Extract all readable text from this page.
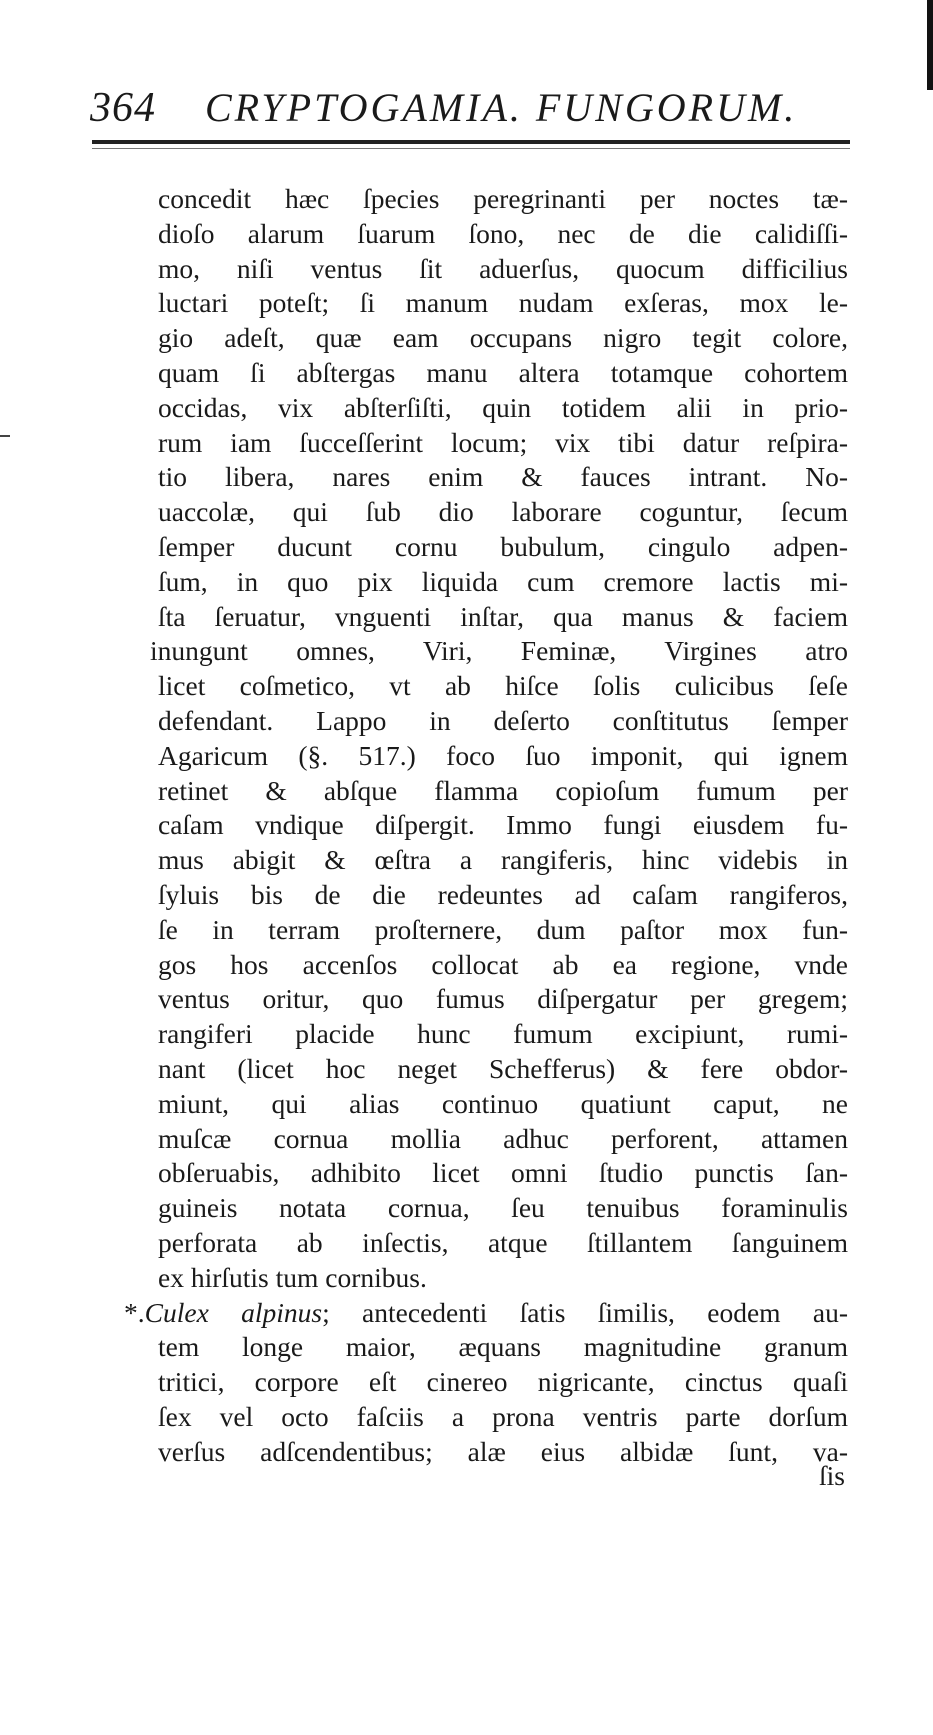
364 CRYPTOGAMIA. FUNGORUM.
concedit hæc ſpecies peregrinanti per noctes tæ-
dioſo alarum ſuarum ſono, nec de die calidiſſi-
mo, niſi ventus ſit aduerſus, quocum difficilius
luctari poteſt; ſi manum nudam exſeras, mox le-
gio adeſt, quæ eam occupans nigro tegit colore,
quam ſi abſtergas manu altera totamque cohortem
occidas, vix abſterſiſti, quin totidem alii in prio-
rum iam ſucceſſerint locum; vix tibi datur reſpira-
tio libera, nares enim & fauces intrant. No-
uaccolæ, qui ſub dio laborare coguntur, ſecum
ſemper ducunt cornu bubulum, cingulo adpen-
ſum, in quo pix liquida cum cremore lactis mi-
ſta ſeruatur, vnguenti inſtar, qua manus & faciem
inungunt omnes, Viri, Feminæ, Virgines atro
licet coſmetico, vt ab hiſce ſolis culicibus ſeſe
defendant. Lappo in deſerto conſtitutus ſemper
Agaricum (§. 517.) foco ſuo imponit, qui ignem
retinet & abſque flamma copioſum fumum per
caſam vndique diſpergit. Immo fungi eiusdem fu-
mus abigit & œſtra a rangiferis, hinc videbis in
ſyluis bis de die redeuntes ad caſam rangiferos,
ſe in terram proſternere, dum paſtor mox fun-
gos hos accenſos collocat ab ea regione, vnde
ventus oritur, quo fumus diſpergatur per gregem;
rangiferi placide hunc fumum excipiunt, rumi-
nant (licet hoc neget Schefferus) & fere obdor-
miunt, qui alias continuo quatiunt caput, ne
muſcæ cornua mollia adhuc perforent, attamen
obſeruabis, adhibito licet omni ſtudio punctis ſan-
guineis notata cornua, ſeu tenuibus foraminulis
perforata ab inſectis, atque ſtillantem ſanguinem
ex hirſutis tum cornibus.
*.Culex alpinus; antecedenti ſatis ſimilis, eodem au-
tem longe maior, æquans magnitudine granum
tritici, corpore eſt cinereo nigricante, cinctus quaſi
ſex vel octo faſciis a prona ventris parte dorſum
verſus adſcendentibus; alæ eius albidæ ſunt, va-
ſis
